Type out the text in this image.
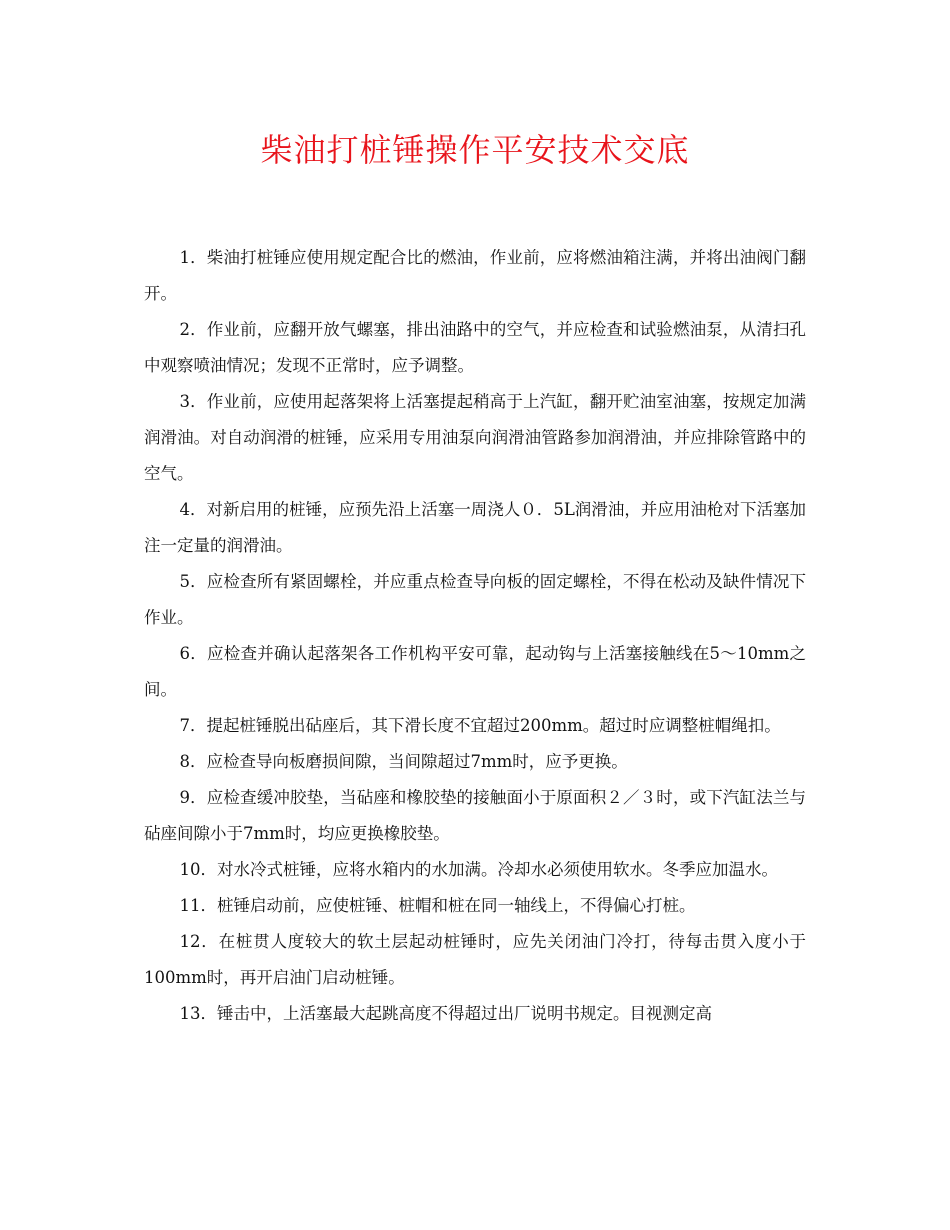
柴油打桩锤操作平安技术交底

1．柴油打桩锤应使用规定配合比的燃油，作业前，应将燃油箱注满，并将出油阀门翻开。

2．作业前，应翻开放气螺塞，排出油路中的空气，并应检查和试验燃油泵，从清扫孔中观察喷油情况；发现不正常时，应予调整。

3．作业前，应使用起落架将上活塞提起稍高于上汽缸，翻开贮油室油塞，按规定加满润滑油。对自动润滑的桩锤，应采用专用油泵向润滑油管路参加润滑油，并应排除管路中的空气。

4．对新启用的桩锤，应预先沿上活塞一周浇人０．5L润滑油，并应用油枪对下活塞加注一定量的润滑油。

5．应检查所有紧固螺栓，并应重点检查导向板的固定螺栓，不得在松动及缺件情况下作业。

6．应检查并确认起落架各工作机构平安可靠，起动钩与上活塞接触线在5～10mm之间。

7．提起桩锤脱出砧座后，其下滑长度不宜超过200mm。超过时应调整桩帽绳扣。

8．应检查导向板磨损间隙，当间隙超过7mm时，应予更换。

9．应检查缓冲胶垫，当砧座和橡胶垫的接触面小于原面积２／３时，或下汽缸法兰与砧座间隙小于7mm时，均应更换橡胶垫。

10．对水冷式桩锤，应将水箱内的水加满。冷却水必须使用软水。冬季应加温水。

11．桩锤启动前，应使桩锤、桩帽和桩在同一轴线上，不得偏心打桩。

12．在桩贯人度较大的软土层起动桩锤时，应先关闭油门冷打，待每击贯入度小于100mm时，再开启油门启动桩锤。

13．锤击中，上活塞最大起跳高度不得超过出厂说明书规定。目视测定高
